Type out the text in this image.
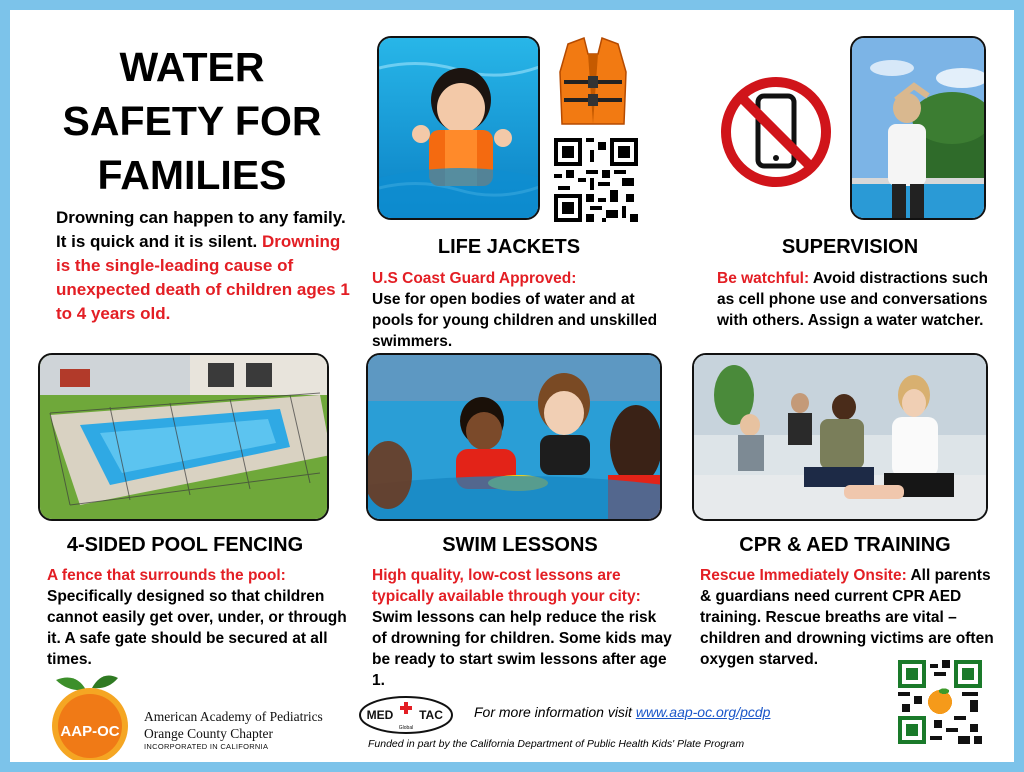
WATER
SAFETY FOR
FAMILIES
Drowning can happen to any family. It is quick and it is silent. Drowning is the single-leading cause of unexpected death of children ages 1 to 4 years old.
LIFE JACKETS
U.S Coast Guard Approved:
Use for open bodies of water and at pools for young children and unskilled swimmers.
SUPERVISION
Be watchful: Avoid distractions such as cell phone use and conversations with others. Assign a water watcher.
4-SIDED POOL FENCING
A fence that surrounds the pool:
Specifically designed so that children cannot easily get over, under, or through it. A safe gate should be secured at all times.
SWIM LESSONS
High quality, low-cost lessons are typically available through your city:
Swim lessons can help reduce the risk of drowning for children. Some kids may be ready to start swim lessons after age 1.
CPR & AED TRAINING
Rescue Immediately Onsite: All parents & guardians need current CPR AED training. Rescue breaths are vital – children and drowning victims are often oxygen starved.
AAP-OC
American Academy of Pediatrics
Orange County Chapter
INCORPORATED IN CALIFORNIA
MED TAC
Global
For more information visit www.aap-oc.org/pcdp
Funded in part by the California Department of Public Health Kids' Plate Program
